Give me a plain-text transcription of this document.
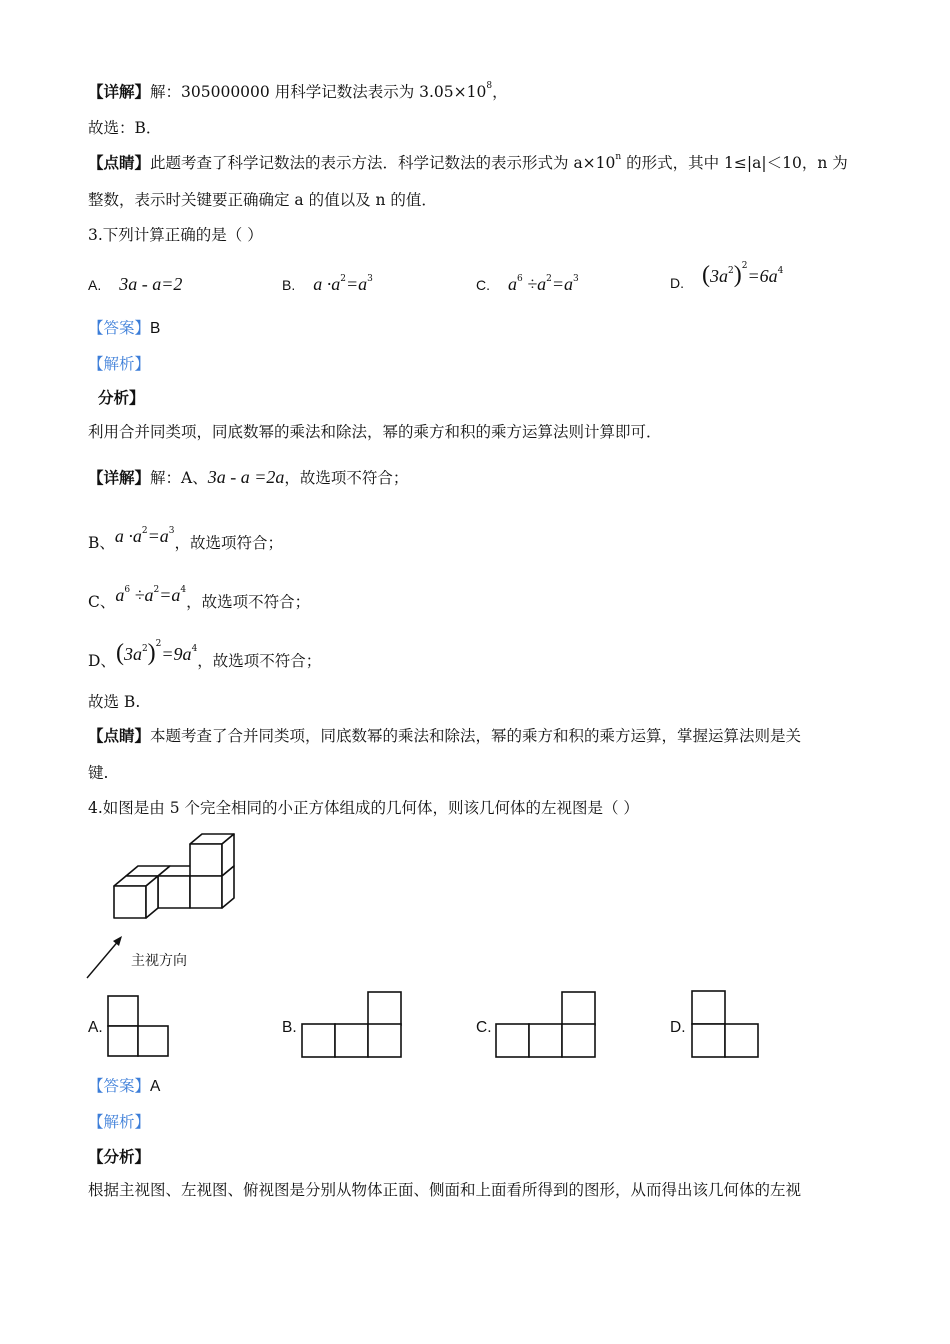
【详解】解：305000000 用科学记数法表示为 $3.05\times 10^8$，
故选：B．
【点睛】此题考查了科学记数法的表示方法．科学记数法的表示形式为 $a\times 10^n$ 的形式，其中 1≤|a|＜10，n 为
整数，表示时关键要正确确定 a 的值以及 n 的值．
3.下列计算正确的是（ ）
A. 3a - a=2	B. $a \cdot a^2=a^3$	C. $a^6 \div a^2=a^3$	D. $(3a^2)^2=6a^4$
【答案】B
【解析】
分析】
利用合并同类项，同底数幂的乘法和除法，幂的乘方和积的乘方运算法则计算即可．
【详解】解：A、3a - a =2a，故选项不符合；
B、$a \cdot a^2=a^3$，故选项符合；
C、$a^6 \div a^2=a^4$，故选项不符合；
D、$(3a^2)^2=9a^4$，故选项不符合；
故选 B.
【点睛】本题考查了合并同类项，同底数幂的乘法和除法，幂的乘方和积的乘方运算，掌握运算法则是关
键.
4.如图是由 5 个完全相同的小正方体组成的几何体，则该几何体的左视图是（ ）
主视方向
A.	B.	C.	D.
【答案】A
【解析】
【分析】
根据主视图、左视图、俯视图是分别从物体正面、侧面和上面看所得到的图形，从而得出该几何体的左视
